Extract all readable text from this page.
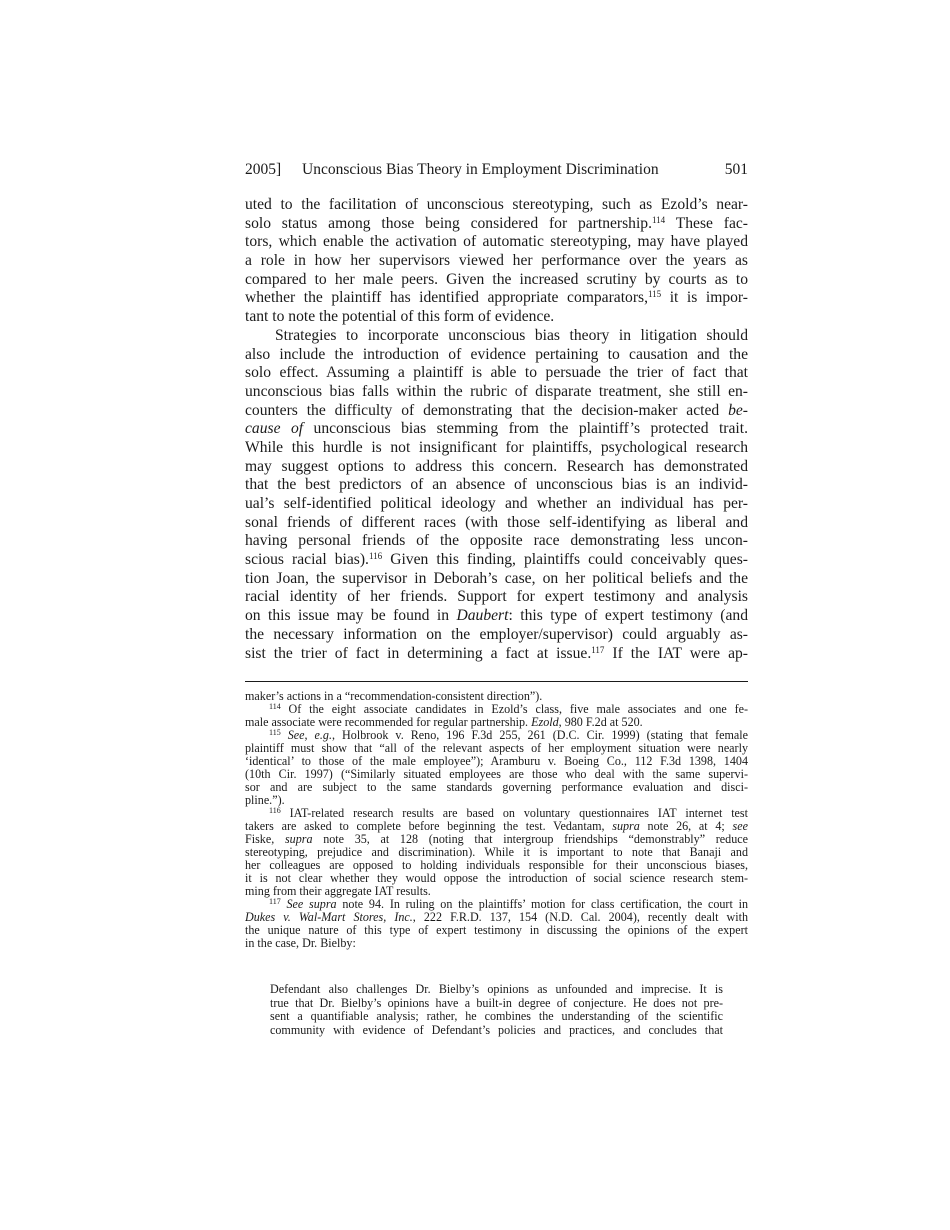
2005] Unconscious Bias Theory in Employment Discrimination	501
uted to the facilitation of unconscious stereotyping, such as Ezold’s near-
solo status among those being considered for partnership.$^{114}$ These fac-
tors, which enable the activation of automatic stereotyping, may have played
a role in how her supervisors viewed her performance over the years as
compared to her male peers. Given the increased scrutiny by courts as to
whether the plaintiff has identified appropriate comparators,$^{115}$ it is impor-
tant to note the potential of this form of evidence.
Strategies to incorporate unconscious bias theory in litigation should
also include the introduction of evidence pertaining to causation and the
solo effect. Assuming a plaintiff is able to persuade the trier of fact that
unconscious bias falls within the rubric of disparate treatment, she still en-
counters the difficulty of demonstrating that the decision-maker acted be-
cause of unconscious bias stemming from the plaintiff’s protected trait.
While this hurdle is not insignificant for plaintiffs, psychological research
may suggest options to address this concern. Research has demonstrated
that the best predictors of an absence of unconscious bias is an individ-
ual’s self-identified political ideology and whether an individual has per-
sonal friends of different races (with those self-identifying as liberal and
having personal friends of the opposite race demonstrating less uncon-
scious racial bias).$^{116}$ Given this finding, plaintiffs could conceivably ques-
tion Joan, the supervisor in Deborah’s case, on her political beliefs and the
racial identity of her friends. Support for expert testimony and analysis
on this issue may be found in Daubert: this type of expert testimony (and
the necessary information on the employer/supervisor) could arguably as-
sist the trier of fact in determining a fact at issue.$^{117}$ If the IAT were ap-
maker’s actions in a “recommendation-consistent direction”).
$^{114}$ Of the eight associate candidates in Ezold’s class, five male associates and one fe-
male associate were recommended for regular partnership. Ezold, 980 F.2d at 520.
$^{115}$ See, e.g., Holbrook v. Reno, 196 F.3d 255, 261 (D.C. Cir. 1999) (stating that female
plaintiff must show that “all of the relevant aspects of her employment situation were nearly
‘identical’ to those of the male employee”); Aramburu v. Boeing Co., 112 F.3d 1398, 1404
(10th Cir. 1997) (“Similarly situated employees are those who deal with the same supervi-
sor and are subject to the same standards governing performance evaluation and disci-
pline.”).
$^{116}$ IAT-related research results are based on voluntary questionnaires IAT internet test
takers are asked to complete before beginning the test. Vedantam, supra note 26, at 4; see
Fiske, supra note 35, at 128 (noting that intergroup friendships “demonstrably” reduce
stereotyping, prejudice and discrimination). While it is important to note that Banaji and
her colleagues are opposed to holding individuals responsible for their unconscious biases,
it is not clear whether they would oppose the introduction of social science research stem-
ming from their aggregate IAT results.
$^{117}$ See supra note 94. In ruling on the plaintiffs’ motion for class certification, the court in
Dukes v. Wal-Mart Stores, Inc., 222 F.R.D. 137, 154 (N.D. Cal. 2004), recently dealt with
the unique nature of this type of expert testimony in discussing the opinions of the expert
in the case, Dr. Bielby:
Defendant also challenges Dr. Bielby’s opinions as unfounded and imprecise. It is
true that Dr. Bielby’s opinions have a built-in degree of conjecture. He does not pre-
sent a quantifiable analysis; rather, he combines the understanding of the scientific
community with evidence of Defendant’s policies and practices, and concludes that
